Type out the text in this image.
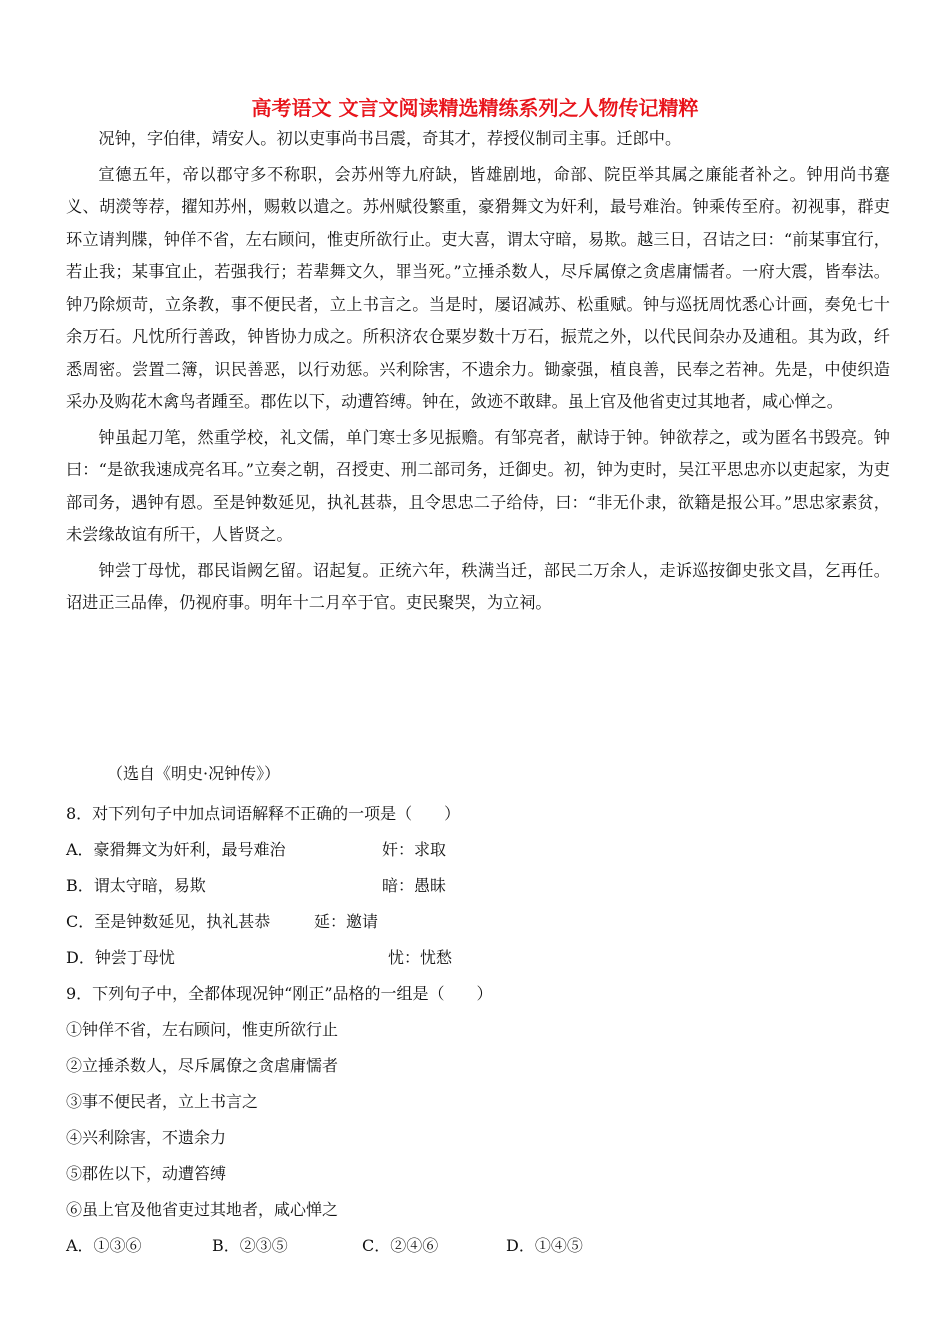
高考语文 文言文阅读精选精练系列之人物传记精粹

况钟，字伯律，靖安人。初以吏事尚书吕震，奇其才，荐授仪制司主事。迁郎中。

宣德五年，帝以郡守多不称职，会苏州等九府缺，皆雄剧地，命部、院臣举其属之廉能者补之。钟用尚书蹇义、胡濙等荐，擢知苏州，赐敕以遣之。苏州赋役繁重，豪猾舞文为奸利，最号难治。钟乘传至府。初视事，群吏环立请判牒，钟佯不省，左右顾问，惟吏所欲行止。吏大喜，谓太守暗，易欺。越三日，召诘之曰：“前某事宜行，若止我；某事宜止，若强我行；若辈舞文久，罪当死。”立捶杀数人，尽斥属僚之贪虐庸懦者。一府大震，皆奉法。钟乃除烦苛，立条教，事不便民者，立上书言之。当是时，屡诏减苏、松重赋。钟与巡抚周忱悉心计画，奏免七十余万石。凡忱所行善政，钟皆协力成之。所积济农仓粟岁数十万石，振荒之外，以代民间杂办及逋租。其为政，纤悉周密。尝置二簿，识民善恶，以行劝惩。兴利除害，不遗余力。锄豪强，植良善，民奉之若神。先是，中使织造采办及购花木禽鸟者踵至。郡佐以下，动遭笞缚。钟在，敛迹不敢肆。虽上官及他省吏过其地者，咸心惮之。

钟虽起刀笔，然重学校，礼文儒，单门寒士多见振赡。有邹亮者，献诗于钟。钟欲荐之，或为匿名书毁亮。钟曰：“是欲我速成亮名耳。”立奏之朝，召授吏、刑二部司务，迁御史。初，钟为吏时，吴江平思忠亦以吏起家，为吏部司务，遇钟有恩。至是钟数延见，执礼甚恭，且令思忠二子给侍，曰：“非无仆隶，欲籍是报公耳。”思忠家素贫，未尝缘故谊有所干，人皆贤之。

钟尝丁母忧，郡民诣阙乞留。诏起复。正统六年，秩满当迁，部民二万余人，走诉巡按御史张文昌，乞再任。诏进正三品俸，仍视府事。明年十二月卒于官。吏民聚哭，为立祠。

（选自《明史·况钟传》）
8．对下列句子中加点词语解释不正确的一项是（　　）
A．豪猾舞文为奸利，最号难治	奸：求取
B．谓太守暗，易欺	暗：愚昧
C．至是钟数延见，执礼甚恭	延：邀请
D．钟尝丁母忧	忧：忧愁
9．下列句子中，全都体现况钟“刚正”品格的一组是（　　）
①钟佯不省，左右顾问，惟吏所欲行止
②立捶杀数人，尽斥属僚之贪虐庸懦者
③事不便民者，立上书言之
④兴利除害，不遗余力
⑤郡佐以下，动遭笞缚
⑥虽上官及他省吏过其地者，咸心惮之
A．①③⑥	B．②③⑤	C．②④⑥	D．①④⑤
